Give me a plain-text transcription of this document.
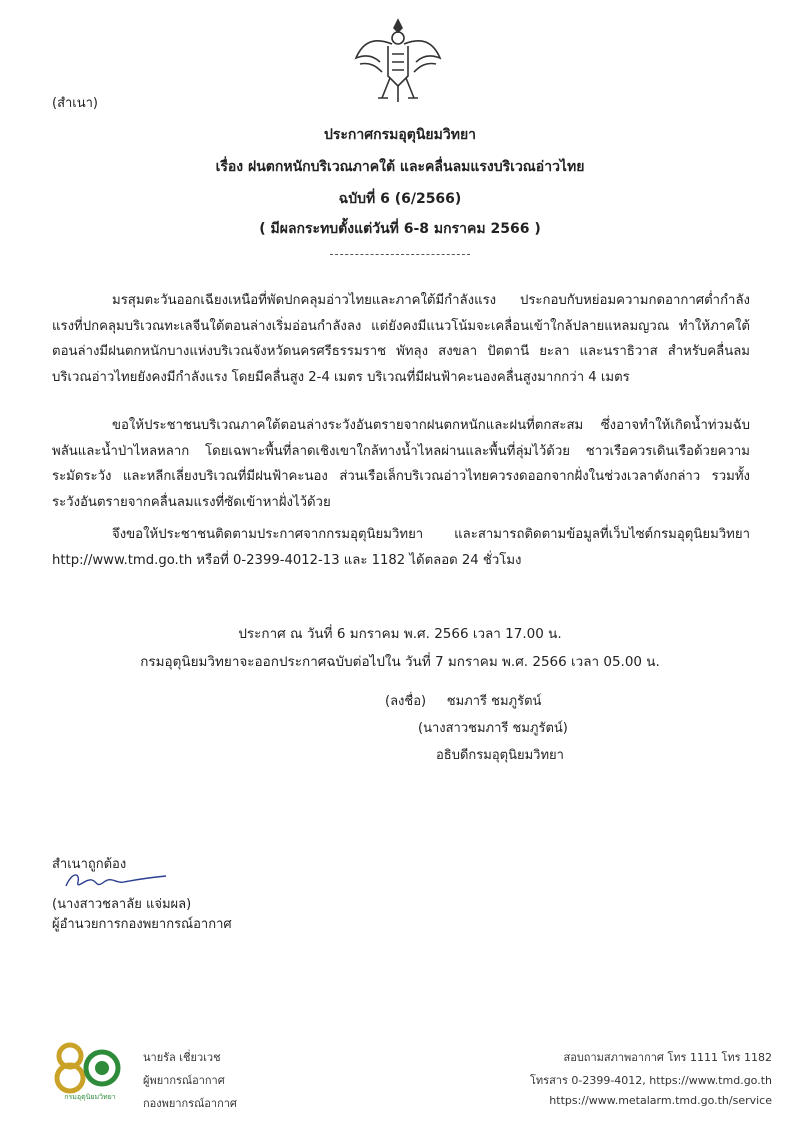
(สำเนา)
ประกาศกรมอุตุนิยมวิทยา
เรื่อง ฝนตกหนักบริเวณภาคใต้ และคลื่นลมแรงบริเวณอ่าวไทย
ฉบับที่ 6 (6/2566)
( มีผลกระทบตั้งแต่วันที่ 6-8 มกราคม 2566 )
มรสุมตะวันออกเฉียงเหนือที่พัดปกคลุมอ่าวไทยและภาคใต้มีกำลังแรง ประกอบกับหย่อมความกดอากาศต่ำกำลังแรงที่ปกคลุมบริเวณทะเลจีนใต้ตอนล่างเริ่มอ่อนกำลังลง แต่ยังคงมีแนวโน้มจะเคลื่อนเข้าใกล้ปลายแหลมญวณ ทำให้ภาคใต้ตอนล่างมีฝนตกหนักบางแห่งบริเวณจังหวัดนครศรีธรรมราช พัทลุง สงขลา ปัตตานี ยะลา และนราธิวาส สำหรับคลื่นลมบริเวณอ่าวไทยยังคงมีกำลังแรง โดยมีคลื่นสูง 2-4 เมตร บริเวณที่มีฝนฟ้าคะนองคลื่นสูงมากกว่า 4 เมตร
ขอให้ประชาชนบริเวณภาคใต้ตอนล่างระวังอันตรายจากฝนตกหนักและฝนที่ตกสะสม ซึ่งอาจทำให้เกิดน้ำท่วมฉับพลันและน้ำป่าไหลหลาก โดยเฉพาะพื้นที่ลาดเชิงเขาใกล้ทางน้ำไหลผ่านและพื้นที่ลุ่มไว้ด้วย ชาวเรือควรเดินเรือด้วยความระมัดระวัง และหลีกเลี่ยงบริเวณที่มีฝนฟ้าคะนอง ส่วนเรือเล็กบริเวณอ่าวไทยควรงดออกจากฝั่งในช่วงเวลาดังกล่าว รวมทั้งระวังอันตรายจากคลื่นลมแรงที่ซัดเข้าหาฝั่งไว้ด้วย
จึงขอให้ประชาชนติดตามประกาศจากกรมอุตุนิยมวิทยา และสามารถติดตามข้อมูลที่เว็บไซต์กรมอุตุนิยมวิทยา http://www.tmd.go.th หรือที่ 0-2399-4012-13 และ 1182 ได้ตลอด 24 ชั่วโมง
ประกาศ ณ วันที่ 6 มกราคม พ.ศ. 2566 เวลา 17.00 น.
กรมอุตุนิยมวิทยาจะออกประกาศฉบับต่อไปใน วันที่ 7 มกราคม พ.ศ. 2566 เวลา 05.00 น.
(ลงชื่อ)     ชมภารี ชมภูรัตน์
(นางสาวชมภารี ชมภูรัตน์)
อธิบดีกรมอุตุนิยมวิทยา
สำเนาถูกต้อง
(นางสาวชลาลัย แจ่มผล)
ผู้อำนวยการกองพยากรณ์อากาศ
กรมอุตุนิยมวิทยา
นายรัล เชี่ยวเวช
ผู้พยากรณ์อากาศ
กองพยากรณ์อากาศ
สอบถามสภาพอากาศ โทร 1111 โทร 1182
โทรสาร 0-2399-4012, https://www.tmd.go.th
https://www.metalarm.tmd.go.th/service
